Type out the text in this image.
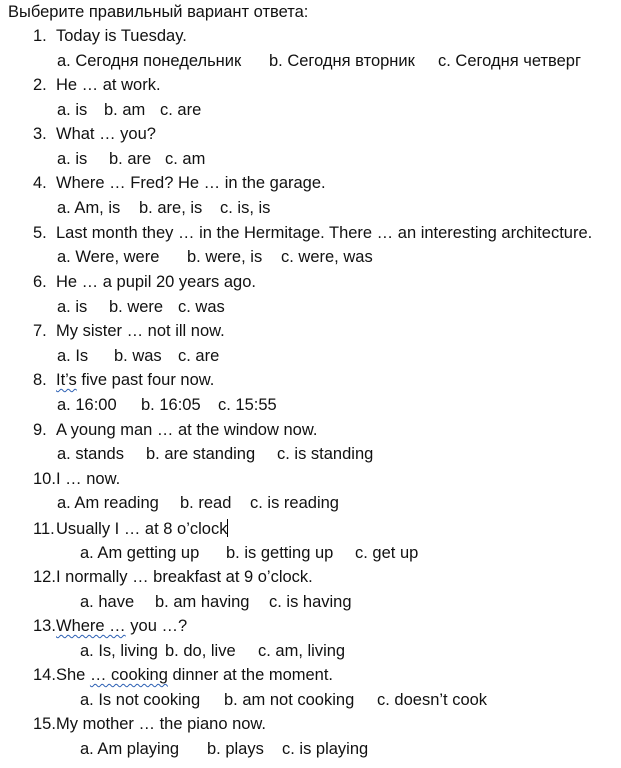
Выберите правильный вариант ответа:
1. Today is Tuesday.
а. Сегодня понедельник b. Сегодня вторник c. Сегодня четверг
2. He … at work.
a. is b. am c. are
3. What … you?
a. is b. are c. am
4. Where … Fred? He … in the garage.
a. Am, is b. are, is c. is, is
5. Last month they … in the Hermitage. There … an interesting architecture.
a. Were, were b. were, is c. were, was
6. He … a pupil 20 years ago.
a. is b. were c. was
7. My sister … not ill now.
a. Is b. was c. are
8. It’s five past four now.
a. 16:00 b. 16:05 c. 15:55
9. A young man … at the window now.
a. stands b. are standing c. is standing
10.I … now.
a. Am reading b. read c. is reading
11.Usually I … at 8 o’clock
a. Am getting up b. is getting up c. get up
12.I normally … breakfast at 9 o’clock.
a. have b. am having c. is having
13.Where … you …?
a. Is, living b. do, live c. am, living
14.She … cooking dinner at the moment.
a. Is not cooking b. am not cooking c. doesn’t cook
15.My mother … the piano now.
a. Am playing b. plays c. is playing
